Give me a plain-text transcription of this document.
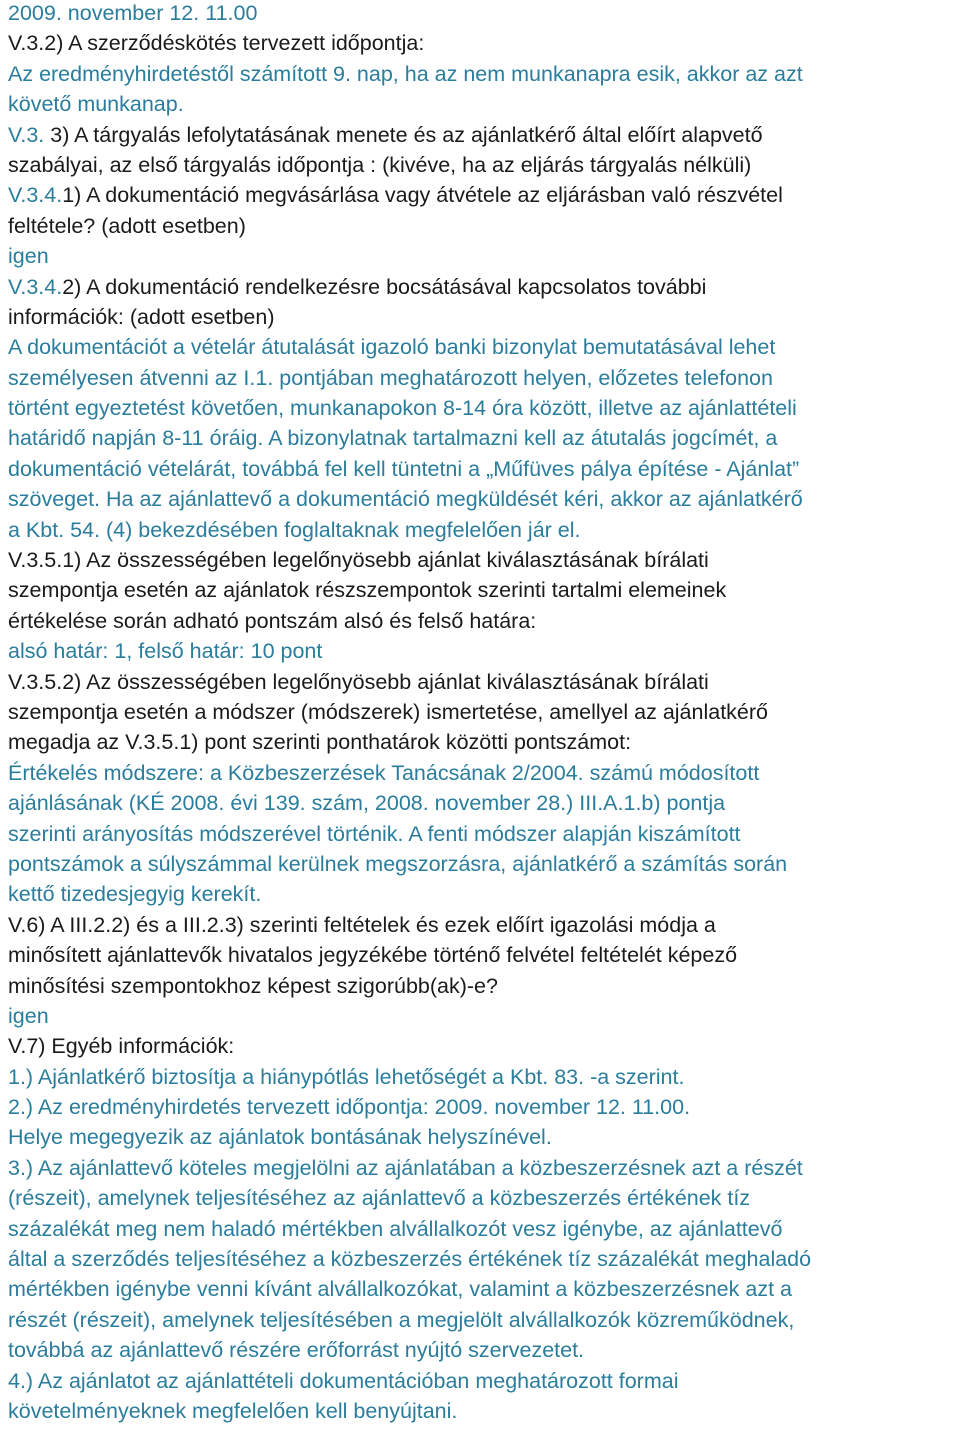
2009. november 12. 11.00
V.3.2) A szerződéskötés tervezett időpontja:
Az eredményhirdetéstől számított 9. nap, ha az nem munkanapra esik, akkor az azt
követő munkanap.
V.3. 3) A tárgyalás lefolytatásának menete és az ajánlatkérő által előírt alapvető
szabályai, az első tárgyalás időpontja : (kivéve, ha az eljárás tárgyalás nélküli)
V.3.4.1) A dokumentáció megvásárlása vagy átvétele az eljárásban való részvétel
feltétele? (adott esetben)
igen
V.3.4.2) A dokumentáció rendelkezésre bocsátásával kapcsolatos további
információk: (adott esetben)
A dokumentációt a vételár átutalását igazoló banki bizonylat bemutatásával lehet
személyesen átvenni az I.1. pontjában meghatározott helyen, előzetes telefonon
történt egyeztetést követően, munkanapokon 8-14 óra között, illetve az ajánlattételi
határidő napján 8-11 óráig. A bizonylatnak tartalmazni kell az átutalás jogcímét, a
dokumentáció vételárát, továbbá fel kell tüntetni a „Műfüves pálya építése - Ajánlat”
szöveget. Ha az ajánlattevő a dokumentáció megküldését kéri, akkor az ajánlatkérő
a Kbt. 54. (4) bekezdésében foglaltaknak megfelelően jár el.
V.3.5.1) Az összességében legelőnyösebb ajánlat kiválasztásának bírálati
szempontja esetén az ajánlatok részszempontok szerinti tartalmi elemeinek
értékelése során adható pontszám alsó és felső határa:
alsó határ: 1, felső határ: 10 pont
V.3.5.2) Az összességében legelőnyösebb ajánlat kiválasztásának bírálati
szempontja esetén a módszer (módszerek) ismertetése, amellyel az ajánlatkérő
megadja az V.3.5.1) pont szerinti ponthatárok közötti pontszámot:
Értékelés módszere: a Közbeszerzések Tanácsának 2/2004. számú módosított
ajánlásának (KÉ 2008. évi 139. szám, 2008. november 28.) III.A.1.b) pontja
szerinti arányosítás módszerével történik. A fenti módszer alapján kiszámított
pontszámok a súlyszámmal kerülnek megszorzásra, ajánlatkérő a számítás során
kettő tizedesjegyig kerekít.
V.6) A III.2.2) és a III.2.3) szerinti feltételek és ezek előírt igazolási módja a
minősített ajánlattevők hivatalos jegyzékébe történő felvétel feltételét képező
minősítési szempontokhoz képest szigorúbb(ak)-e?
igen
V.7) Egyéb információk:
1.) Ajánlatkérő biztosítja a hiánypótlás lehetőségét a Kbt. 83. -a szerint.
2.) Az eredményhirdetés tervezett időpontja: 2009. november 12. 11.00.
Helye megegyezik az ajánlatok bontásának helyszínével.
3.) Az ajánlattevő köteles megjelölni az ajánlatában a közbeszerzésnek azt a részét
(részeit), amelynek teljesítéséhez az ajánlattevő a közbeszerzés értékének tíz
százalékát meg nem haladó mértékben alvállalkozót vesz igénybe, az ajánlattevő
által a szerződés teljesítéséhez a közbeszerzés értékének tíz százalékát meghaladó
mértékben igénybe venni kívánt alvállalkozókat, valamint a közbeszerzésnek azt a
részét (részeit), amelynek teljesítésében a megjelölt alvállalkozók közreműködnek,
továbbá az ajánlattevő részére erőforrást nyújtó szervezetet.
4.) Az ajánlatot az ajánlattételi dokumentációban meghatározott formai
követelményeknek megfelelően kell benyújtani.
